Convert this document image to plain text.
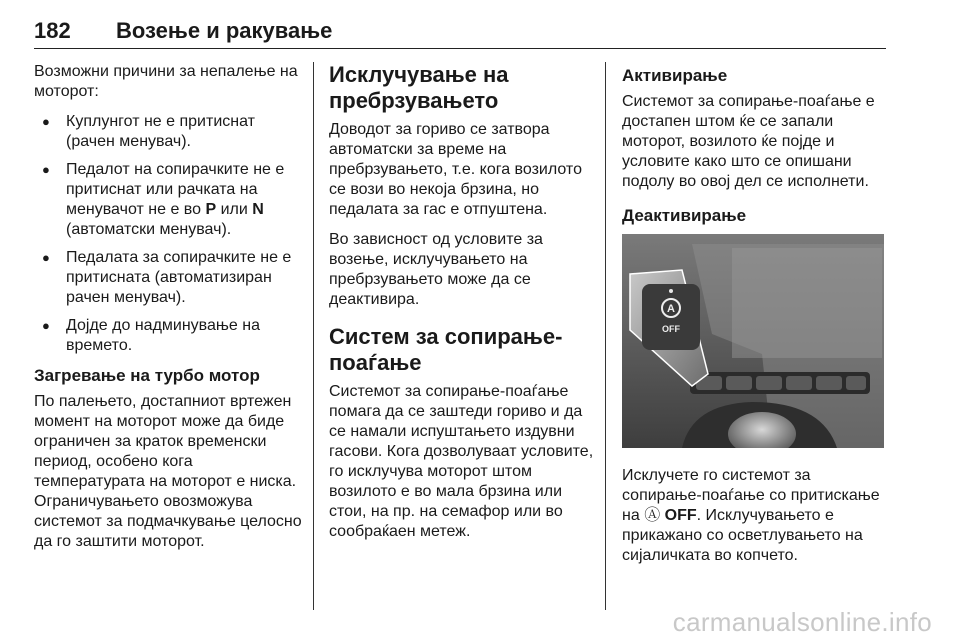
182 Возење и ракување

Возможни причини за непалење на моторот:

● Куплунгот не е притиснат (рачен менувач).
● Педалот на сопирачките не е притиснат или рачката на менувачот не е во P или N (автоматски менувач).
● Педалата за сопирачките не е притисната (автоматизиран рачен менувач).
● Дојде до надминување на времето.
Загревање на турбо мотор

По палењето, достапниот вртежен момент на моторот може да биде ограничен за краток временски период, особено кога температурата на моторот е ниска. Ограничувањето овозможува системот за подмачкување целосно да го заштити моторот.

Исклучување на пребрзувањето

Доводот за гориво се затвора автоматски за време на пребрзувањето, т.е. кога возилото се вози во некоја брзина, но педалата за гас е отпуштена.

Во зависност од условите за возење, исклучувањето на пребрзувањето може да се деактивира.

Систем за сопирање-поаѓање

Системот за сопирање-поаѓање помага да се заштеди гориво и да се намали испуштањето издувни гасови. Кога дозволуваат условите, го исклучува моторот штом возилото е во мала брзина или стои, на пр. на семафор или во сообраќаен метеж.

Активирање

Системот за сопирање-поаѓање е достапен штом ќе се запали моторот, возилото ќе појде и условите како што се опишани подолу во овој дел се исполнети.

Деактивирање
A
OFF

Исклучете го системот за сопирање-поаѓање со притискање на Ⓐ OFF. Исклучувањето е прикажано со осветлувањето на сијаличката во копчето.

carmanualsonline.info
